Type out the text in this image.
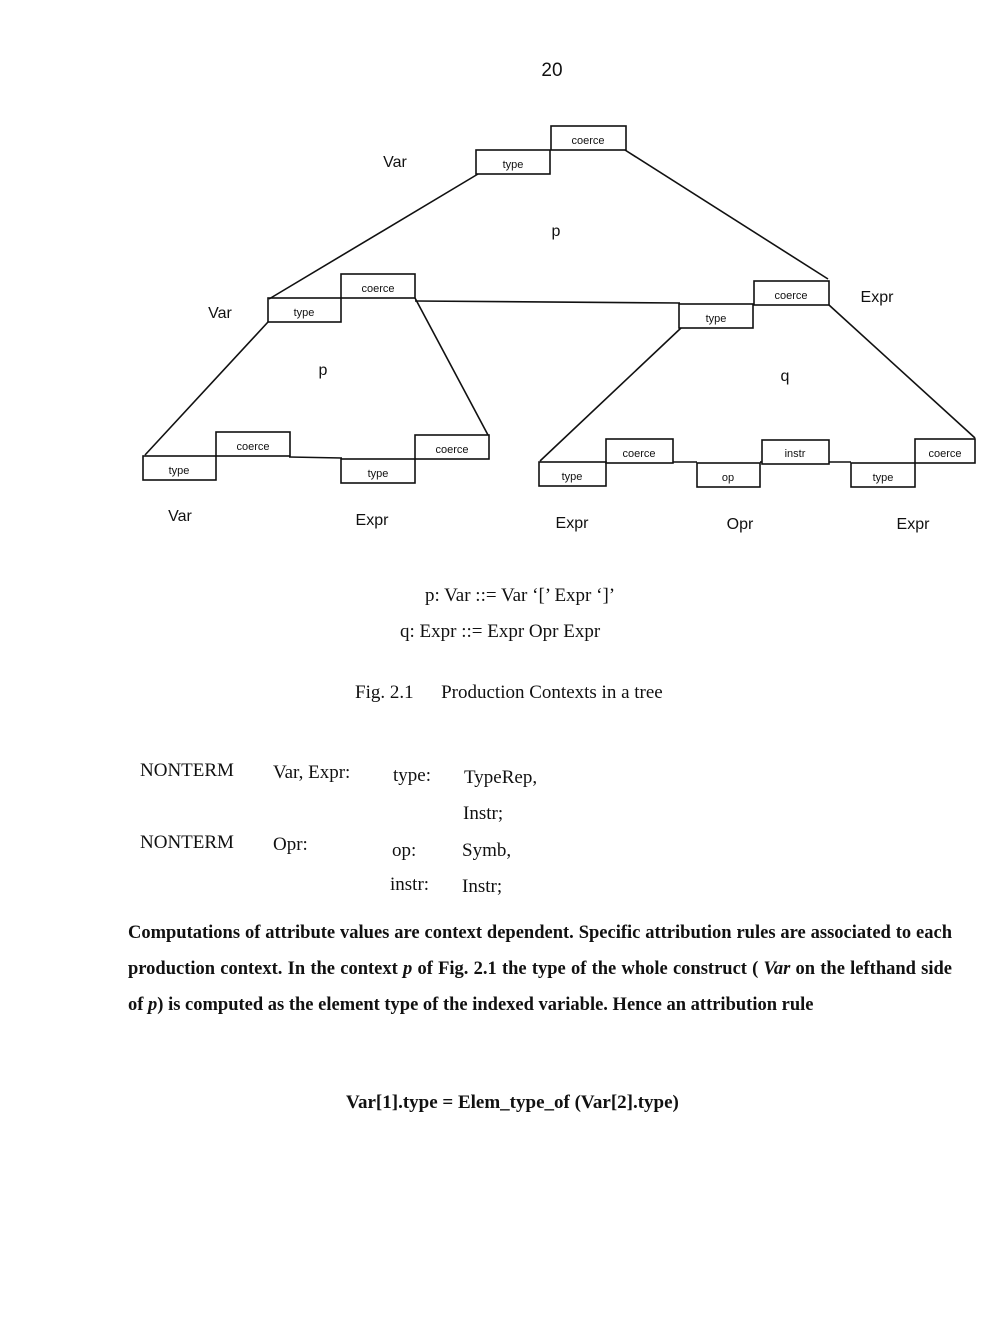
20
type
coerce
Var
p
type
coerce
Var
p
type
coerce	Expr
q
type
coerce
Var
type
coerce
Expr
type
coerce
Expr
op
instr
Opr
type
coerce
Expr
p: Var ::= Var ‘[’ Expr ‘]’
q: Expr ::= Expr Opr Expr
Fig. 2.1 Production Contexts in a tree
NONTERM Var, Expr: type: TypeRep,
Instr;
NONTERM Opr:	op: Symb,
instr: Instr;
Computations of attribute values are context dependent. Specific attribution rules are associated to each production context. In the context p of Fig. 2.1 the type of the whole construct ( Var on the lefthand side of p) is computed as the element type of the indexed variable. Hence an attribution rule
Var[1].type = Elem_type_of (Var[2].type)
